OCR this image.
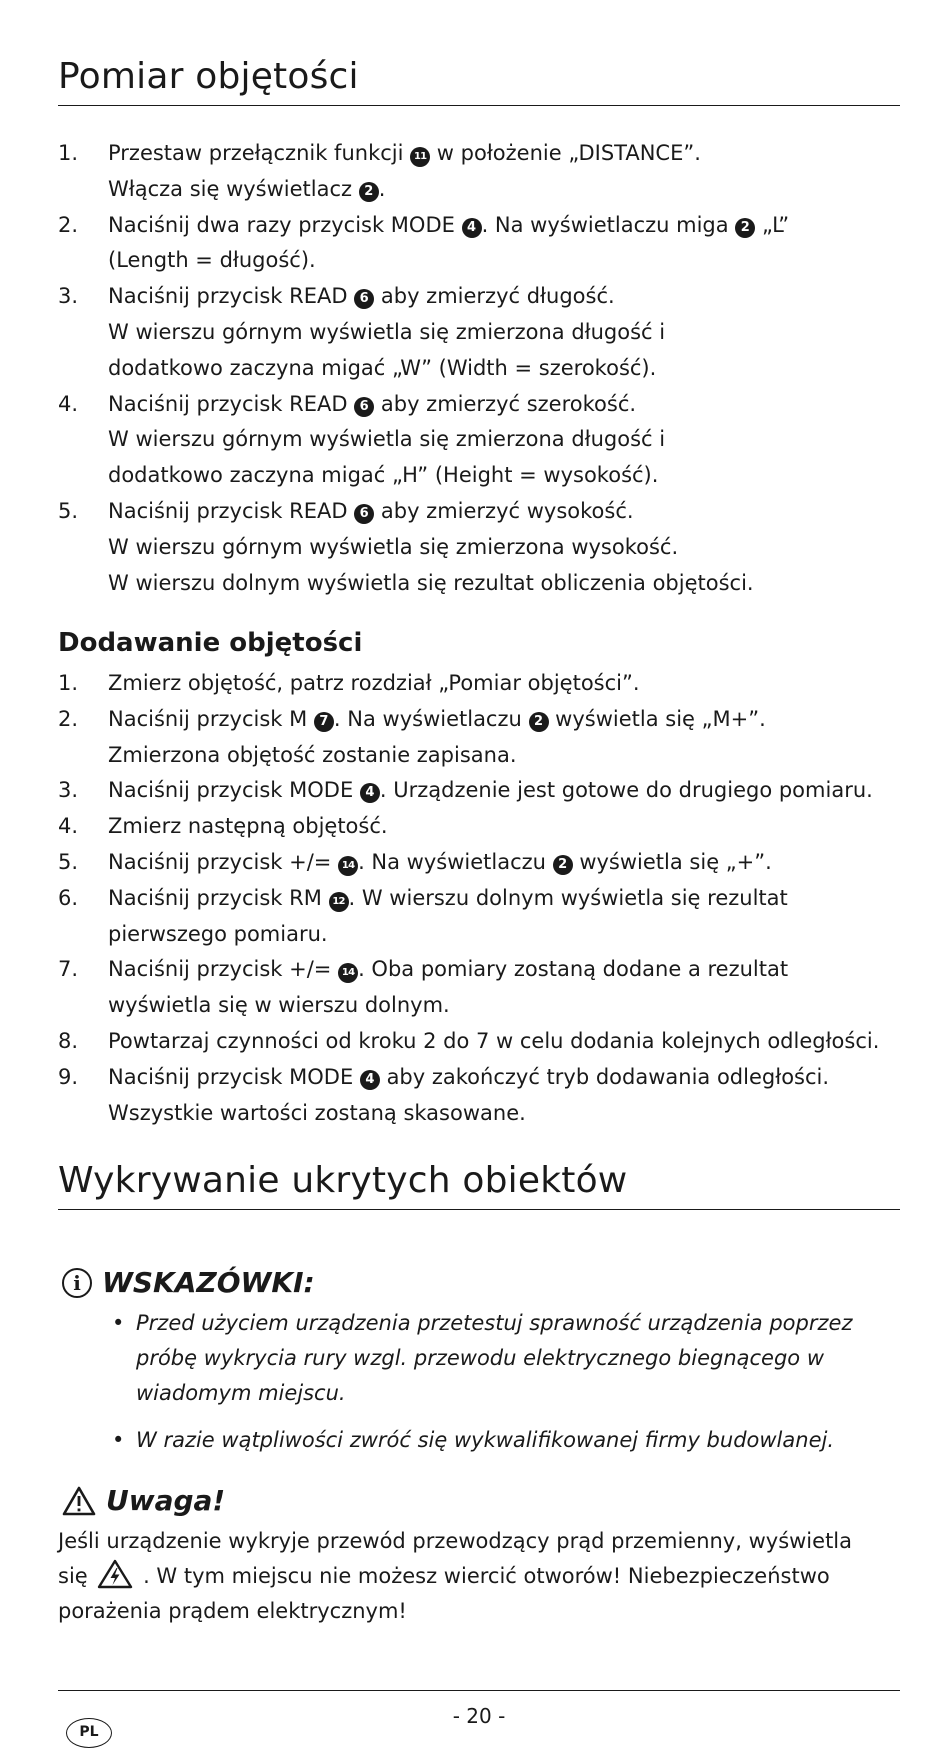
Pomiar objętości
1.	Przestaw przełącznik funkcji 11 w położenie „DISTANCE”.
Włącza się wyświetlacz 2 .
2.	Naciśnij dwa razy przycisk MODE 4 . Na wyświetlaczu miga 2 „L”
(Length = długość).
3.	Naciśnij przycisk READ 6 aby zmierzyć długość.
W wierszu górnym wyświetla się zmierzona długość i
dodatkowo zaczyna migać „W” (Width = szerokość).
4.	Naciśnij przycisk READ 6 aby zmierzyć szerokość.
W wierszu górnym wyświetla się zmierzona długość i
dodatkowo zaczyna migać „H” (Height = wysokość).
5.	Naciśnij przycisk READ 6 aby zmierzyć wysokość.
W wierszu górnym wyświetla się zmierzona wysokość.
W wierszu dolnym wyświetla się rezultat obliczenia objętości.
Dodawanie objętości
1.	Zmierz objętość, patrz rozdział „Pomiar objętości”.
2.	Naciśnij przycisk M 7 . Na wyświetlaczu 2 wyświetla się „M+”.
Zmierzona objętość zostanie zapisana.
3.	Naciśnij przycisk MODE 4 . Urządzenie jest gotowe do drugiego pomiaru.
4.	Zmierz następną objętość.
5.	Naciśnij przycisk +/= 14 . Na wyświetlaczu 2 wyświetla się „+”.
6.	Naciśnij przycisk RM 12 . W wierszu dolnym wyświetla się rezultat
pierwszego pomiaru.
7.	Naciśnij przycisk +/= 14 . Oba pomiary zostaną dodane a rezultat
wyświetla się w wierszu dolnym.
8.	Powtarzaj czynności od kroku 2 do 7 w celu dodania kolejnych odległości.
9.	Naciśnij przycisk MODE 4 aby zakończyć tryb dodawania odległości.
Wszystkie wartości zostaną skasowane.
Wykrywanie ukrytych obiektów
i WSKAZÓWKI:
• Przed użyciem urządzenia przetestuj sprawność urządzenia poprzez próbę wykrycia rury wzgl. przewodu elektrycznego biegnącego w wiadomym miejscu.
• W razie wątpliwości zwróć się wykwalifikowanej firmy budowlanej.
Uwaga!

Jeśli urządzenie wykryje przewód przewodzący prąd przemienny, wyświetla się	. W tym miejscu nie możesz wiercić otworów! Niebezpieczeństwo porażenia prądem elektrycznym!

- 20 -
PL
